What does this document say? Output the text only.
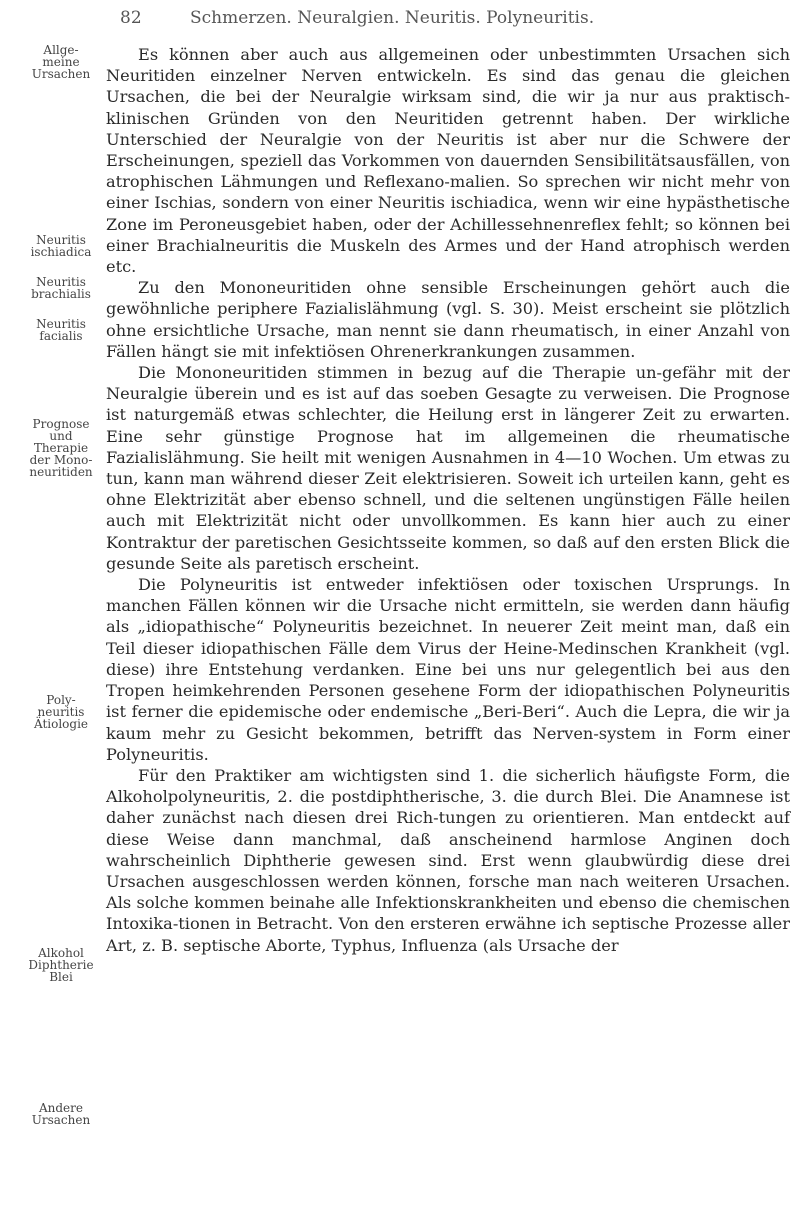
82	Schmerzen. Neuralgien. Neuritis. Polyneuritis.
Allge-
meine
Ursachen
Neuritis
ischiadica
Neuritis
brachialis
Neuritis
facialis
Prognose
und
Therapie
der Mono-
neuritiden
Poly-
neuritis
Ätiologie
Alkohol
Diphtherie
Blei
Andere
Ursachen

Es können aber auch aus allgemeinen oder unbestimmten Ursachen sich Neuritiden einzelner Nerven entwickeln. Es sind das genau die gleichen Ursachen, die bei der Neuralgie wirksam sind, die wir ja nur aus praktisch-klinischen Gründen von den Neuritiden getrennt haben. Der wirkliche Unterschied der Neuralgie von der Neuritis ist aber nur die Schwere der Erscheinungen, speziell das Vorkommen von dauernden Sensibilitätsausfällen, von atrophischen Lähmungen und Reflexano-malien. So sprechen wir nicht mehr von einer Ischias, sondern von einer Neuritis ischiadica, wenn wir eine hypästhetische Zone im Peroneusgebiet haben, oder der Achillessehnenreflex fehlt; so können bei einer Brachialneuritis die Muskeln des Armes und der Hand atrophisch werden etc.

Zu den Mononeuritiden ohne sensible Erscheinungen gehört auch die gewöhnliche periphere Fazialislähmung (vgl. S. 30). Meist erscheint sie plötzlich ohne ersichtliche Ursache, man nennt sie dann rheumatisch, in einer Anzahl von Fällen hängt sie mit infektiösen Ohrenerkrankungen zusammen.

Die Mononeuritiden stimmen in bezug auf die Therapie un-gefähr mit der Neuralgie überein und es ist auf das soeben Gesagte zu verweisen. Die Prognose ist naturgemäß etwas schlechter, die Heilung erst in längerer Zeit zu erwarten. Eine sehr günstige Prognose hat im allgemeinen die rheumatische Fazialislähmung. Sie heilt mit wenigen Ausnahmen in 4—10 Wochen. Um etwas zu tun, kann man während dieser Zeit elektrisieren. Soweit ich urteilen kann, geht es ohne Elektrizität aber ebenso schnell, und die seltenen ungünstigen Fälle heilen auch mit Elektrizität nicht oder unvollkommen. Es kann hier auch zu einer Kontraktur der paretischen Gesichtsseite kommen, so daß auf den ersten Blick die gesunde Seite als paretisch erscheint.

Die Polyneuritis ist entweder infektiösen oder toxischen Ursprungs. In manchen Fällen können wir die Ursache nicht ermitteln, sie werden dann häufig als „idiopathische“ Polyneuritis bezeichnet. In neuerer Zeit meint man, daß ein Teil dieser idiopathischen Fälle dem Virus der Heine-Medinschen Krankheit (vgl. diese) ihre Entstehung verdanken. Eine bei uns nur gelegentlich bei aus den Tropen heimkehrenden Personen gesehene Form der idiopathischen Polyneuritis ist ferner die epidemische oder endemische „Beri-Beri“. Auch die Lepra, die wir ja kaum mehr zu Gesicht bekommen, betrifft das Nerven-system in Form einer Polyneuritis.

Für den Praktiker am wichtigsten sind 1. die sicherlich häufigste Form, die Alkoholpolyneuritis, 2. die postdiphtherische, 3. die durch Blei. Die Anamnese ist daher zunächst nach diesen drei Rich-tungen zu orientieren. Man entdeckt auf diese Weise dann manchmal, daß anscheinend harmlose Anginen doch wahrscheinlich Diphtherie gewesen sind. Erst wenn glaubwürdig diese drei Ursachen ausgeschlossen werden können, forsche man nach weiteren Ursachen. Als solche kommen beinahe alle Infektionskrankheiten und ebenso die chemischen Intoxika-tionen in Betracht. Von den ersteren erwähne ich septische Prozesse aller Art, z. B. septische Aborte, Typhus, Influenza (als Ursache der
